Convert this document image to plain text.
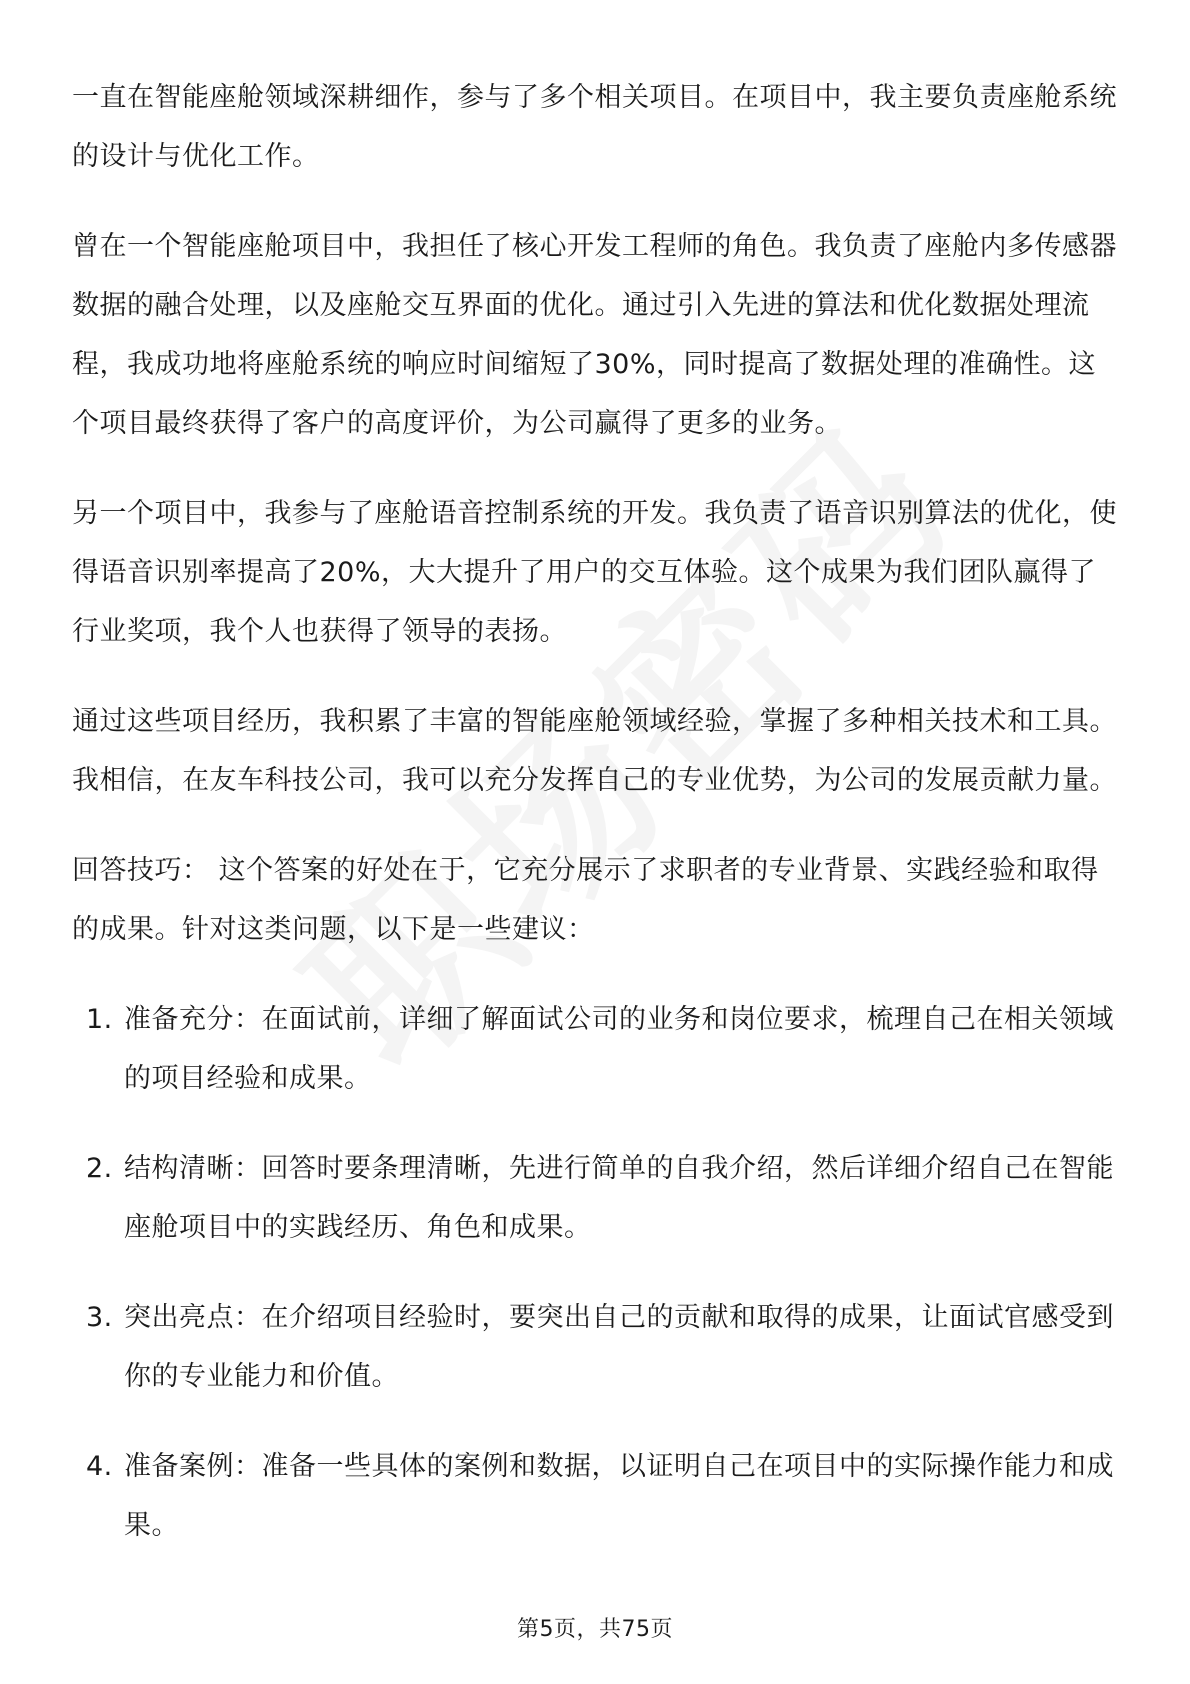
一直在智能座舱领域深耕细作，参与了多个相关项目。在项目中，我主要负责座舱系统的设计与优化工作。

曾在一个智能座舱项目中，我担任了核心开发工程师的角色。我负责了座舱内多传感器数据的融合处理，以及座舱交互界面的优化。通过引入先进的算法和优化数据处理流程，我成功地将座舱系统的响应时间缩短了30%，同时提高了数据处理的准确性。这个项目最终获得了客户的高度评价，为公司赢得了更多的业务。

另一个项目中，我参与了座舱语音控制系统的开发。我负责了语音识别算法的优化，使得语音识别率提高了20%，大大提升了用户的交互体验。这个成果为我们团队赢得了行业奖项，我个人也获得了领导的表扬。

通过这些项目经历，我积累了丰富的智能座舱领域经验，掌握了多种相关技术和工具。我相信，在友车科技公司，我可以充分发挥自己的专业优势，为公司的发展贡献力量。

回答技巧： 这个答案的好处在于，它充分展示了求职者的专业背景、实践经验和取得的成果。针对这类问题，以下是一些建议：

1. 准备充分：在面试前，详细了解面试公司的业务和岗位要求，梳理自己在相关领域的项目经验和成果。
2. 结构清晰：回答时要条理清晰，先进行简单的自我介绍，然后详细介绍自己在智能座舱项目中的实践经历、角色和成果。
3. 突出亮点：在介绍项目经验时，要突出自己的贡献和取得的成果，让面试官感受到你的专业能力和价值。
4. 准备案例：准备一些具体的案例和数据，以证明自己在项目中的实际操作能力和成果。
第5页，共75页
